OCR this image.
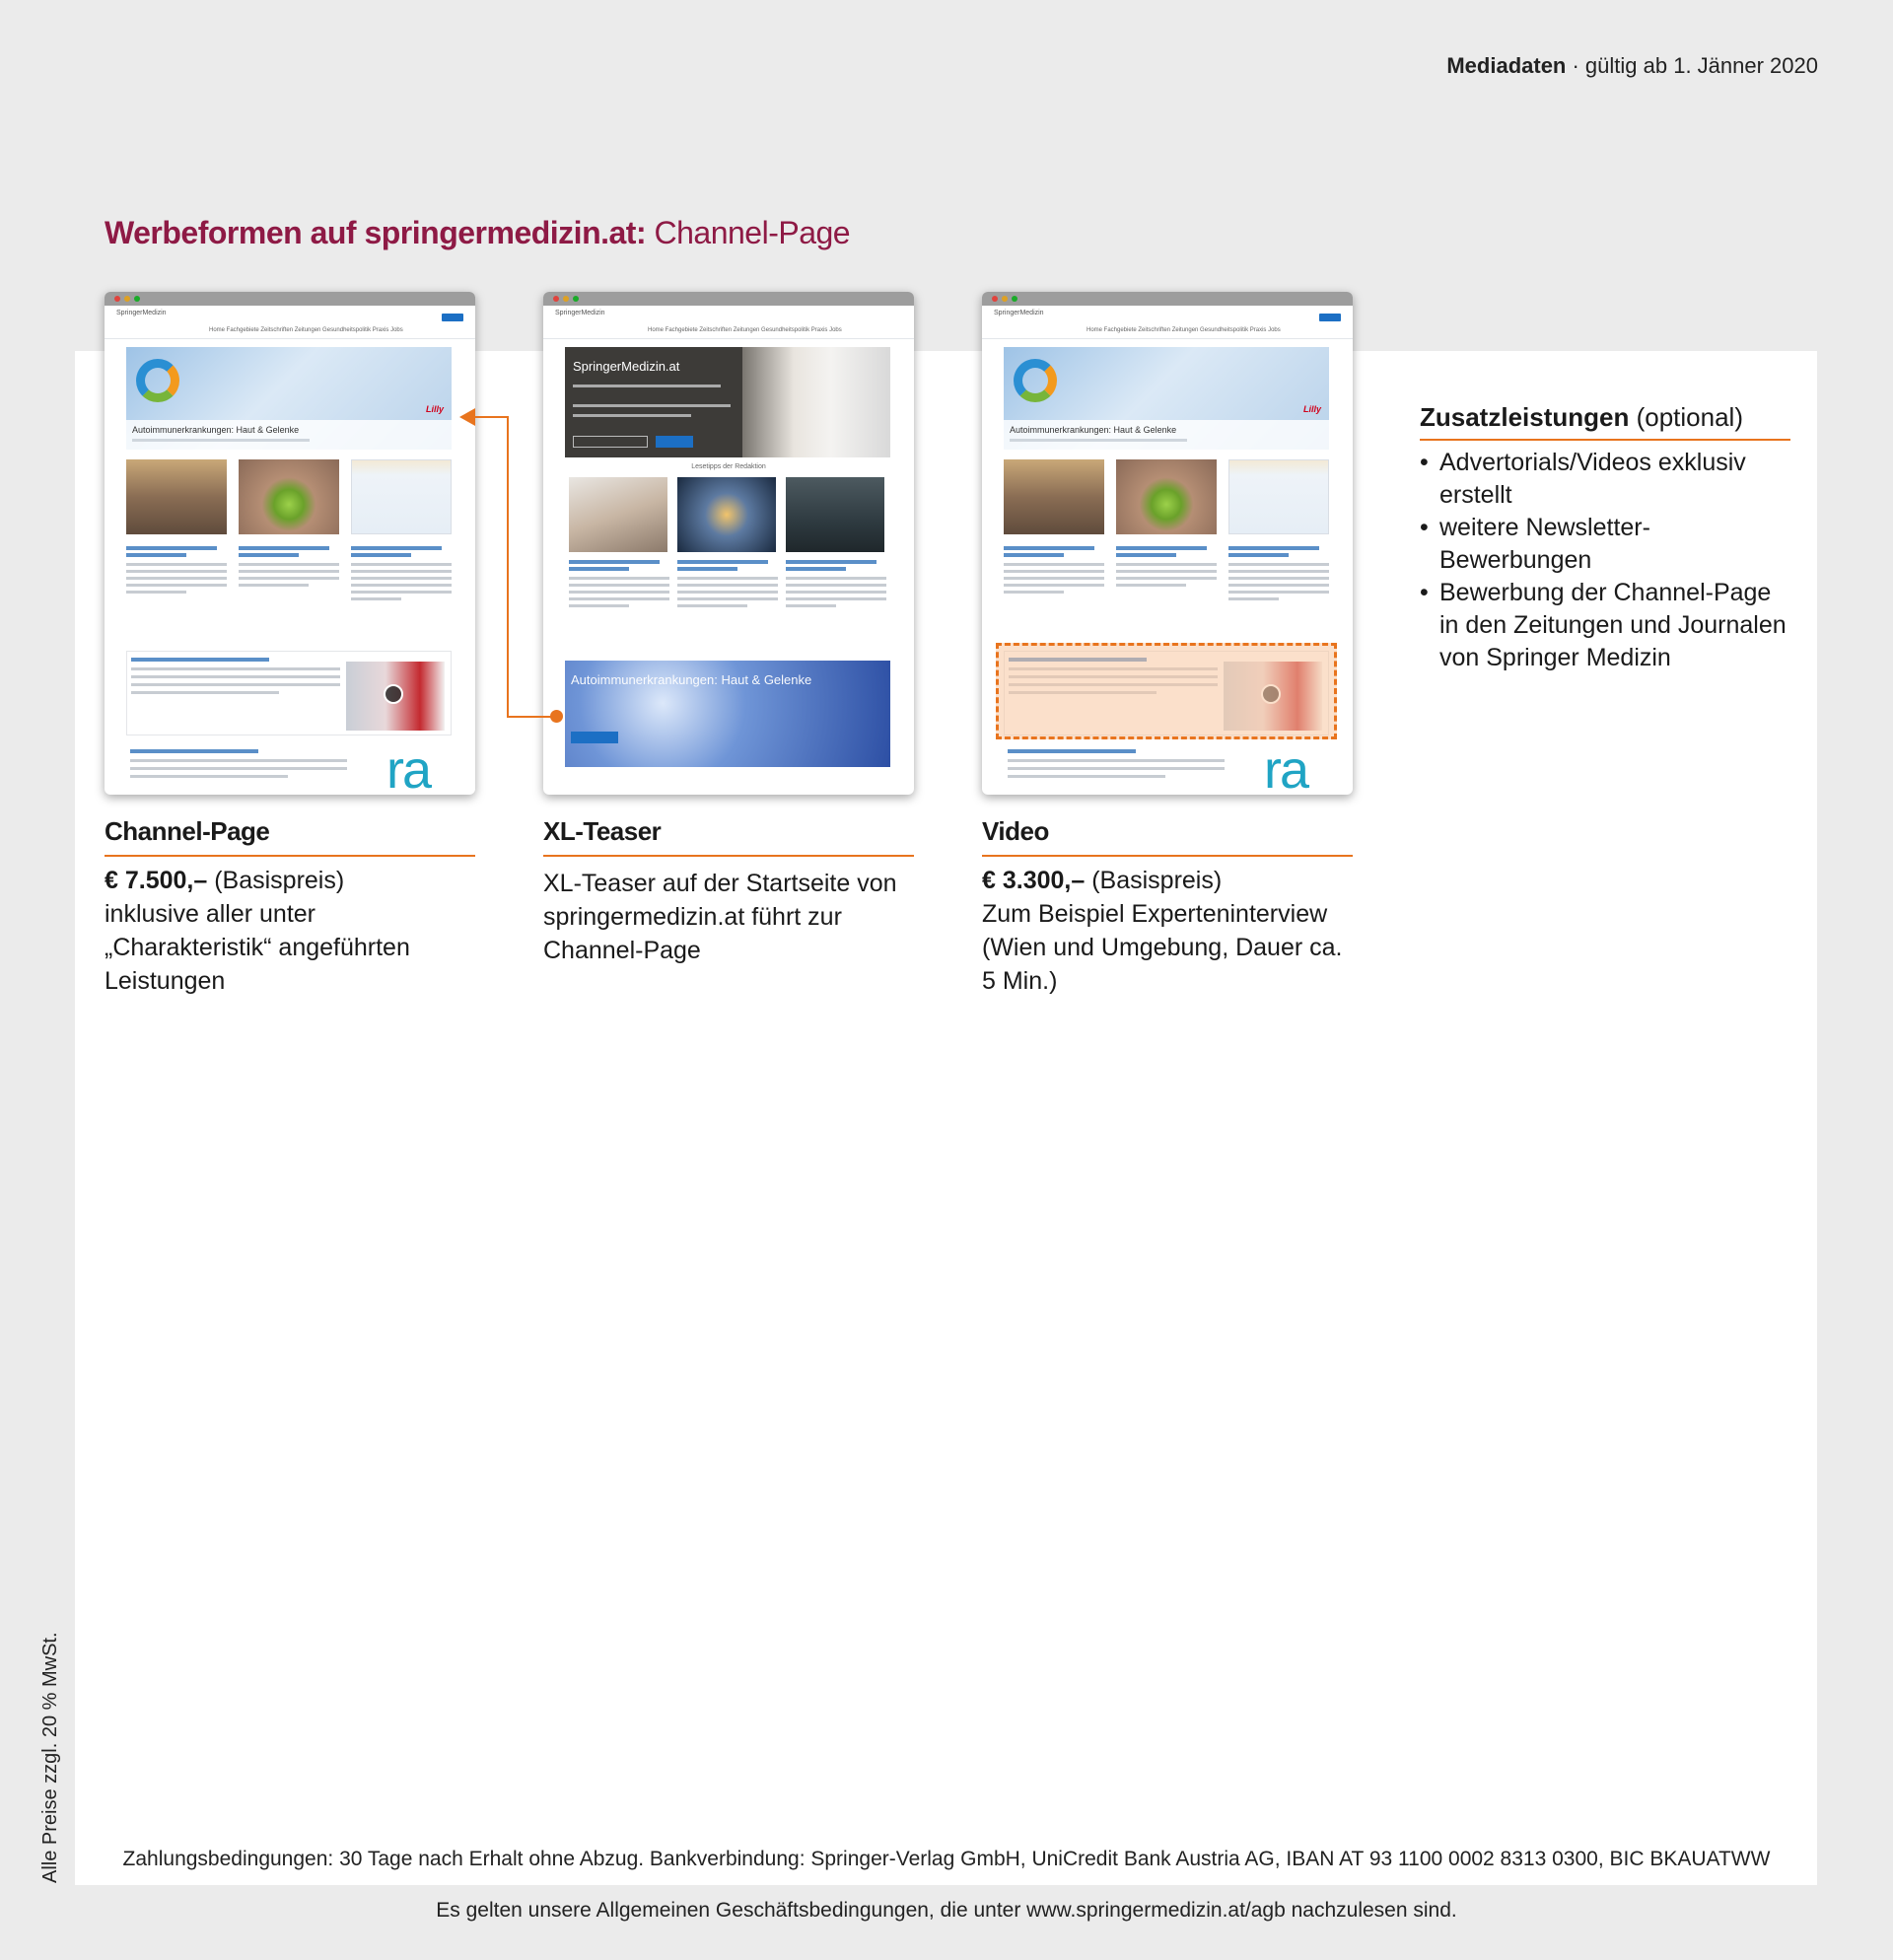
Mediadaten · gültig ab 1. Jänner 2020
Werbeformen auf springermedizin.at: Channel-Page
SpringerMedizin
Home Fachgebiete Zeitschriften Zeitungen Gesundheitspolitik Praxis Jobs
Lilly
Autoimmunerkrankungen: Haut & Gelenke
ra
SpringerMedizin
Home Fachgebiete Zeitschriften Zeitungen Gesundheitspolitik Praxis Jobs
SpringerMedizin.at
Lesetipps der Redaktion
Autoimmunerkrankungen: Haut & Gelenke
SpringerMedizin
Home Fachgebiete Zeitschriften Zeitungen Gesundheitspolitik Praxis Jobs
Lilly
Autoimmunerkrankungen: Haut & Gelenke
ra
Channel-Page
€ 7.500,– (Basispreis)
inklusive aller unter „Charakteristik“ angeführten Leistungen
XL-Teaser
XL-Teaser auf der Startseite von springermedizin.at führt zur Channel-Page
Video
€ 3.300,– (Basispreis)
Zum Beispiel Experteninterview (Wien und Umgebung, Dauer ca. 5 Min.)
Zusatzleistungen (optional)
• Advertorials/Videos exklusiv erstellt
• weitere Newsletter-Bewerbungen
• Bewerbung der Channel-Page in den Zeitungen und Journalen von Springer Medizin
Alle Preise zzgl. 20 % MwSt.	Zahlungsbedingungen: 30 Tage nach Erhalt ohne Abzug. Bankverbindung: Springer-Verlag GmbH, UniCredit Bank Austria AG, IBAN AT 93 1100 0002 8313 0300, BIC BKAUATWW
Es gelten unsere Allgemeinen Geschäftsbedingungen, die unter www.springermedizin.at/agb nachzulesen sind.
